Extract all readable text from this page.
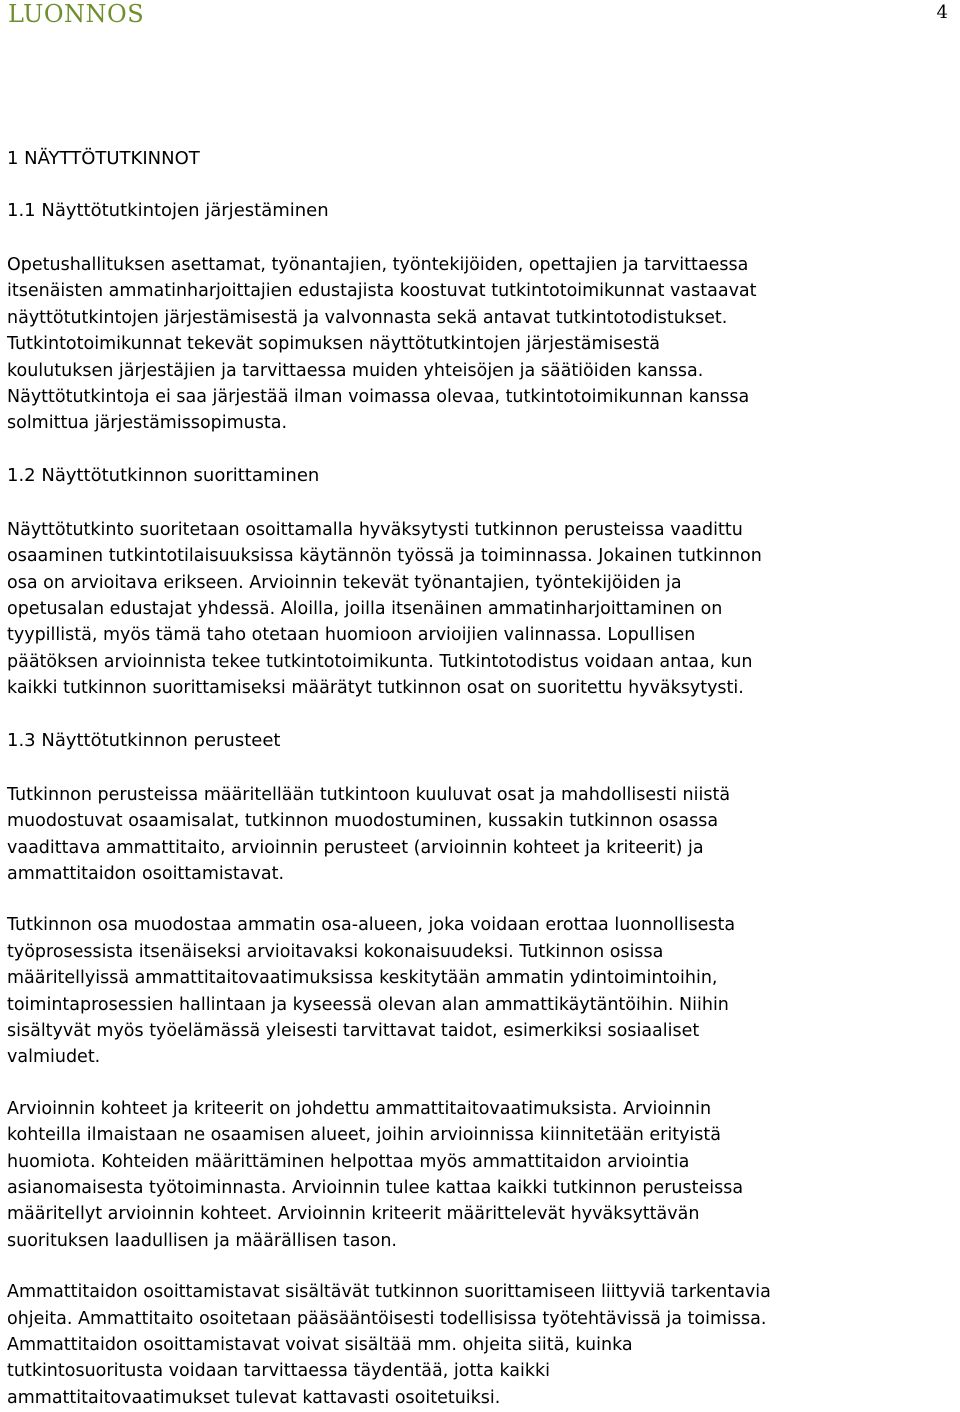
LUONNOS	4
1 NÄYTTÖTUTKINNOT
1.1 Näyttötutkintojen järjestäminen

Opetushallituksen asettamat, työnantajien, työntekijöiden, opettajien ja tarvittaessa
itsenäisten ammatinharjoittajien edustajista koostuvat tutkintotoimikunnat vastaavat
näyttötutkintojen järjestämisestä ja valvonnasta sekä antavat tutkintotodistukset.
Tutkintotoimikunnat tekevät sopimuksen näyttötutkintojen järjestämisestä
koulutuksen järjestäjien ja tarvittaessa muiden yhteisöjen ja säätiöiden kanssa.
Näyttötutkintoja ei saa järjestää ilman voimassa olevaa, tutkintotoimikunnan kanssa
solmittua järjestämissopimusta.

1.2 Näyttötutkinnon suorittaminen

Näyttötutkinto suoritetaan osoittamalla hyväksytysti tutkinnon perusteissa vaadittu
osaaminen tutkintotilaisuuksissa käytännön työssä ja toiminnassa. Jokainen tutkinnon
osa on arvioitava erikseen. Arvioinnin tekevät työnantajien, työntekijöiden ja
opetusalan edustajat yhdessä. Aloilla, joilla itsenäinen ammatinharjoittaminen on
tyypillistä, myös tämä taho otetaan huomioon arvioijien valinnassa. Lopullisen
päätöksen arvioinnista tekee tutkintotoimikunta. Tutkintotodistus voidaan antaa, kun
kaikki tutkinnon suorittamiseksi määrätyt tutkinnon osat on suoritettu hyväksytysti.

1.3 Näyttötutkinnon perusteet

Tutkinnon perusteissa määritellään tutkintoon kuuluvat osat ja mahdollisesti niistä
muodostuvat osaamisalat, tutkinnon muodostuminen, kussakin tutkinnon osassa
vaadittava ammattitaito, arvioinnin perusteet (arvioinnin kohteet ja kriteerit) ja
ammattitaidon osoittamistavat.

Tutkinnon osa muodostaa ammatin osa-alueen, joka voidaan erottaa luonnollisesta
työprosessista itsenäiseksi arvioitavaksi kokonaisuudeksi. Tutkinnon osissa
määritellyissä ammattitaitovaatimuksissa keskitytään ammatin ydintoimintoihin,
toimintaprosessien hallintaan ja kyseessä olevan alan ammattikäytäntöihin. Niihin
sisältyvät myös työelämässä yleisesti tarvittavat taidot, esimerkiksi sosiaaliset
valmiudet.

Arvioinnin kohteet ja kriteerit on johdettu ammattitaitovaatimuksista. Arvioinnin
kohteilla ilmaistaan ne osaamisen alueet, joihin arvioinnissa kiinnitetään erityistä
huomiota. Kohteiden määrittäminen helpottaa myös ammattitaidon arviointia
asianomaisesta työtoiminnasta. Arvioinnin tulee kattaa kaikki tutkinnon perusteissa
määritellyt arvioinnin kohteet. Arvioinnin kriteerit määrittelevät hyväksyttävän
suorituksen laadullisen ja määrällisen tason.

Ammattitaidon osoittamistavat sisältävät tutkinnon suorittamiseen liittyviä tarkentavia
ohjeita. Ammattitaito osoitetaan pääsääntöisesti todellisissa työtehtävissä ja toimissa.
Ammattitaidon osoittamistavat voivat sisältää mm. ohjeita siitä, kuinka
tutkintosuoritusta voidaan tarvittaessa täydentää, jotta kaikki
ammattitaitovaatimukset tulevat kattavasti osoitetuiksi.
